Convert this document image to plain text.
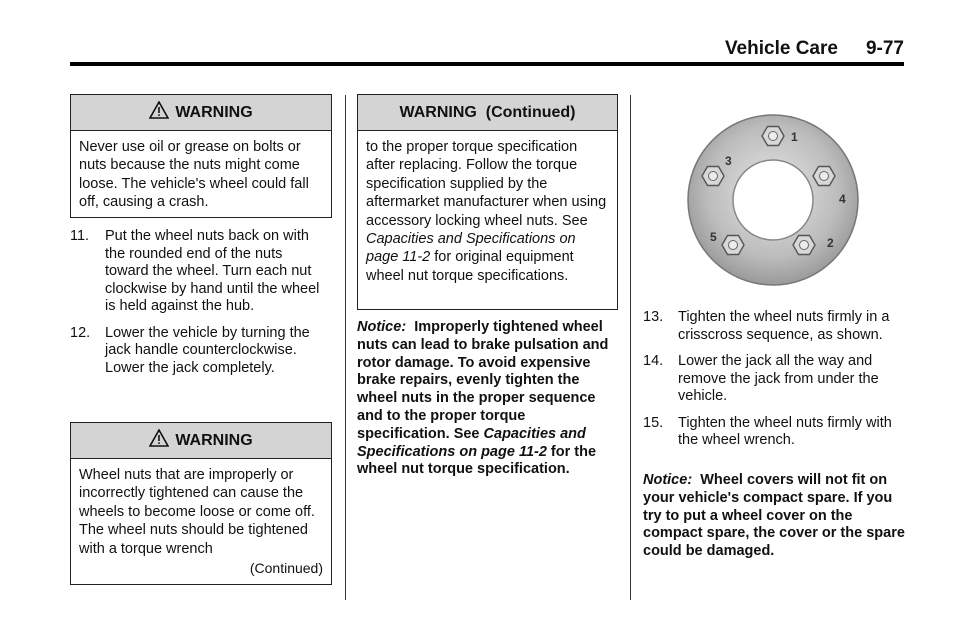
Vehicle Care 9-77
WARNING
Never use oil or grease on bolts or nuts because the nuts might come loose. The vehicle's wheel could fall off, causing a crash.
11. Put the wheel nuts back on with the rounded end of the nuts toward the wheel. Turn each nut clockwise by hand until the wheel is held against the hub.
12. Lower the vehicle by turning the jack handle counterclockwise. Lower the jack completely.
WARNING
Wheel nuts that are improperly or incorrectly tightened can cause the wheels to become loose or come off. The wheel nuts should be tightened with a torque wrench
(Continued)
WARNING  (Continued)
to the proper torque specification after replacing. Follow the torque specification supplied by the aftermarket manufacturer when using accessory locking wheel nuts. See Capacities and Specifications on page 11-2 for original equipment wheel nut torque specifications.
Notice:  Improperly tightened wheel nuts can lead to brake pulsation and rotor damage. To avoid expensive brake repairs, evenly tighten the wheel nuts in the proper sequence and to the proper torque specification. See Capacities and Specifications on page 11-2 for the wheel nut torque specification.
1
2
3
4
5
13. Tighten the wheel nuts firmly in a crisscross sequence, as shown.
14. Lower the jack all the way and remove the jack from under the vehicle.
15. Tighten the wheel nuts firmly with the wheel wrench.
Notice:  Wheel covers will not fit on your vehicle's compact spare. If you try to put a wheel cover on the compact spare, the cover or the spare could be damaged.
